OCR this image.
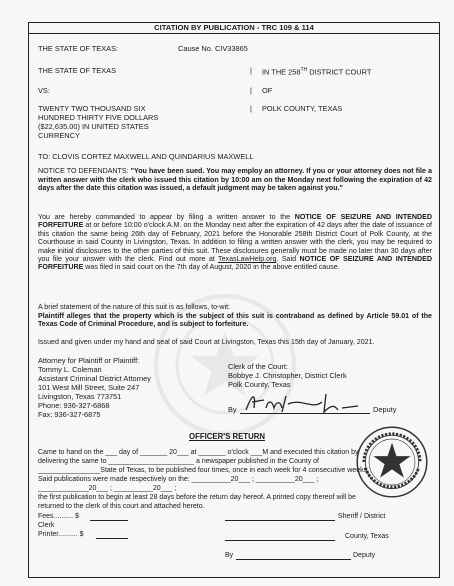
CITATION BY PUBLICATION - TRC 109 & 114
THE STATE OF TEXAS:	Cause No. CIV33865
THE STATE OF TEXAS	| IN THE 258TH DISTRICT COURT
VS:	| OF
TWENTY TWO THOUSAND SIX
HUNDRED THIRTY FIVE DOLLARS
($22,635.00) IN UNITED STATES
CURRENCY
| POLK COUNTY, TEXAS
TO: CLOVIS CORTEZ MAXWELL AND QUINDARIUS MAXWELL
NOTICE TO DEFENDANTS: "You have been sued. You may employ an attorney. If you or your attorney does not file a written answer with the clerk who issued this citation by 10:00 am on the Monday next following the expiration of 42 days after the date this citation was issued, a default judgment may be taken against you."
You are hereby commanded to appear by filing a written answer to the NOTICE OF SEIZURE AND INTENDED FORFEITURE at or before 10:00 o'clock A.M. on the Monday next after the expiration of 42 days after the date of issuance of this citation the same being 26th day of February, 2021 before the Honorable 258th District Court of Polk County, at the Courthouse in said County in Livingston, Texas. In addition to filing a written answer with the clerk, you may be required to make initial disclosures to the other parties of this suit. These disclosures generally must be made no later than 30 days after you file your answer with the clerk. Find out more at TexasLawHelp.org. Said NOTICE OF SEIZURE AND INTENDED FORFEITURE was filed in said court on the 7th day of August, 2020 in the above entitled cause.
A brief statement of the nature of this suit is as follows, to-wit:
Plaintiff alleges that the property which is the subject of this suit is contraband as defined by Article 59.01 of the Texas Code of Criminal Procedure, and is subject to forfeiture.
Issued and given under my hand and seal of said Court at Livingston, Texas this 15th day of January, 2021.
Attorney for Plaintiff or Plaintiff:
Tommy L. Coleman
Assistant Criminal District Attorney
101 West Mill Street, Suite 247
Livingston, Texas 773751
Phone: 936-327-6868
Fax: 936-327-6875
Clerk of the Court:
Bobbye J. Christopher, District Clerk
Polk County, Texas
By	Deputy
OFFICER'S RETURN
Came to hand on the ___ day of _______ 20___ at _______ o'clock ___M and executed this citation by
delivering the same to ______________________ a newspaper published in the County of
________________State of Texas, to be published four times, once in each week for 4 consecutive weeks.
Said publications were made respectively on the: __________20___ ; __________20___ ;
_____________20___ ; __________20___ ;
the first publication to begin at least 28 days before the return day hereof. A printed copy thereof will be
returned to the clerk of this court and attached hereto.
Fees.......... $	Sheriff / District
Clerk
Printer.......... $	County, Texas
By	Deputy
